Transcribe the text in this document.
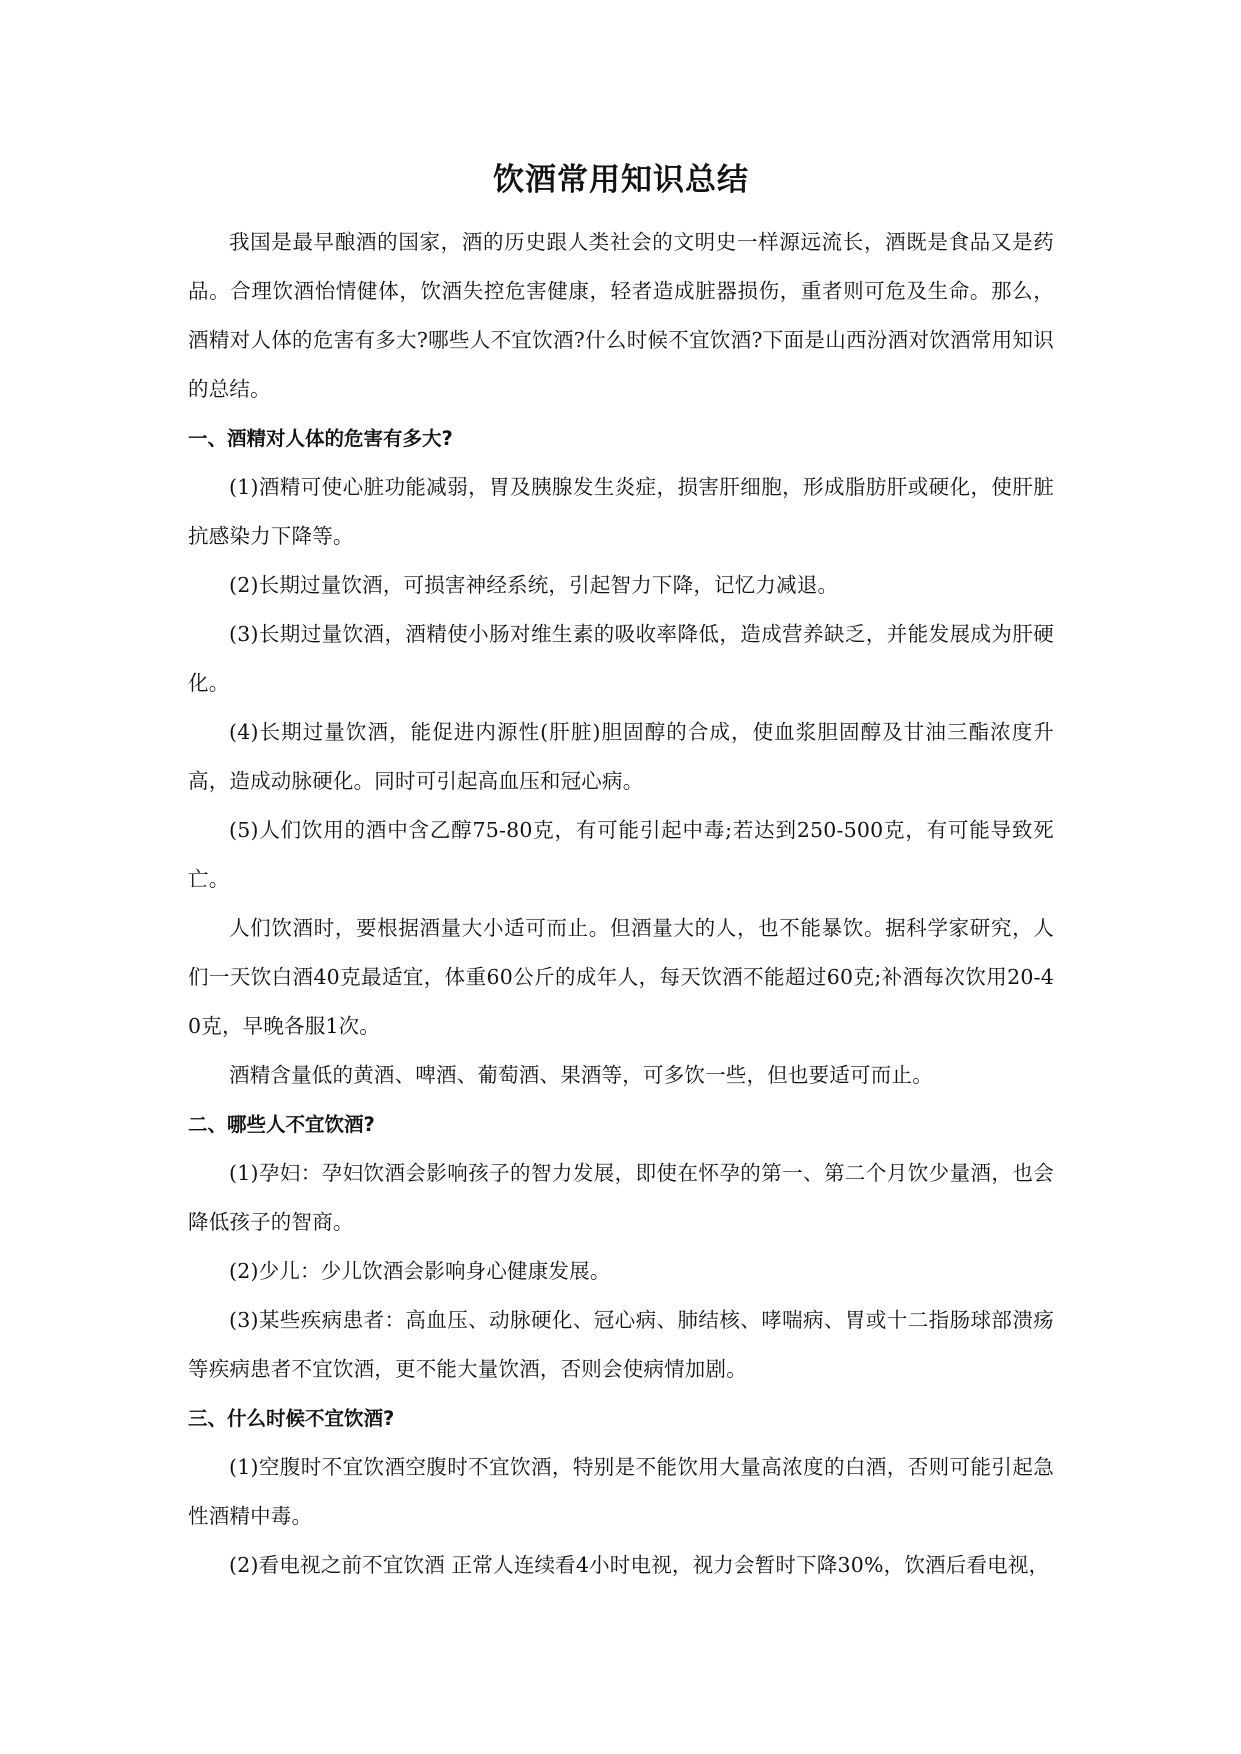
饮酒常用知识总结

我国是最早酿酒的国家，酒的历史跟人类社会的文明史一样源远流长，酒既是食品又是药品。合理饮酒怡情健体，饮酒失控危害健康，轻者造成脏器损伤，重者则可危及生命。那么，酒精对人体的危害有多大?哪些人不宜饮酒?什么时候不宜饮酒?下面是山西汾酒对饮酒常用知识的总结。

一、酒精对人体的危害有多大?

(1)酒精可使心脏功能减弱，胃及胰腺发生炎症，损害肝细胞，形成脂肪肝或硬化，使肝脏抗感染力下降等。

(2)长期过量饮酒，可损害神经系统，引起智力下降，记忆力减退。

(3)长期过量饮酒，酒精使小肠对维生素的吸收率降低，造成营养缺乏，并能发展成为肝硬化。

(4)长期过量饮酒，能促进内源性(肝脏)胆固醇的合成，使血浆胆固醇及甘油三酯浓度升高，造成动脉硬化。同时可引起高血压和冠心病。

(5)人们饮用的酒中含乙醇75-80克，有可能引起中毒;若达到250-500克，有可能导致死亡。

人们饮酒时，要根据酒量大小适可而止。但酒量大的人，也不能暴饮。据科学家研究，人们一天饮白酒40克最适宜，体重60公斤的成年人，每天饮酒不能超过60克;补酒每次饮用20-40克，早晚各服1次。

酒精含量低的黄酒、啤酒、葡萄酒、果酒等，可多饮一些，但也要适可而止。

二、哪些人不宜饮酒?

(1)孕妇：孕妇饮酒会影响孩子的智力发展，即使在怀孕的第一、第二个月饮少量酒，也会降低孩子的智商。

(2)少儿：少儿饮酒会影响身心健康发展。

(3)某些疾病患者：高血压、动脉硬化、冠心病、肺结核、哮喘病、胃或十二指肠球部溃疡等疾病患者不宜饮酒，更不能大量饮酒，否则会使病情加剧。

三、什么时候不宜饮酒?

(1)空腹时不宜饮酒空腹时不宜饮酒，特别是不能饮用大量高浓度的白酒，否则可能引起急性酒精中毒。

(2)看电视之前不宜饮酒 正常人连续看4小时电视，视力会暂时下降30%，饮酒后看电视，
